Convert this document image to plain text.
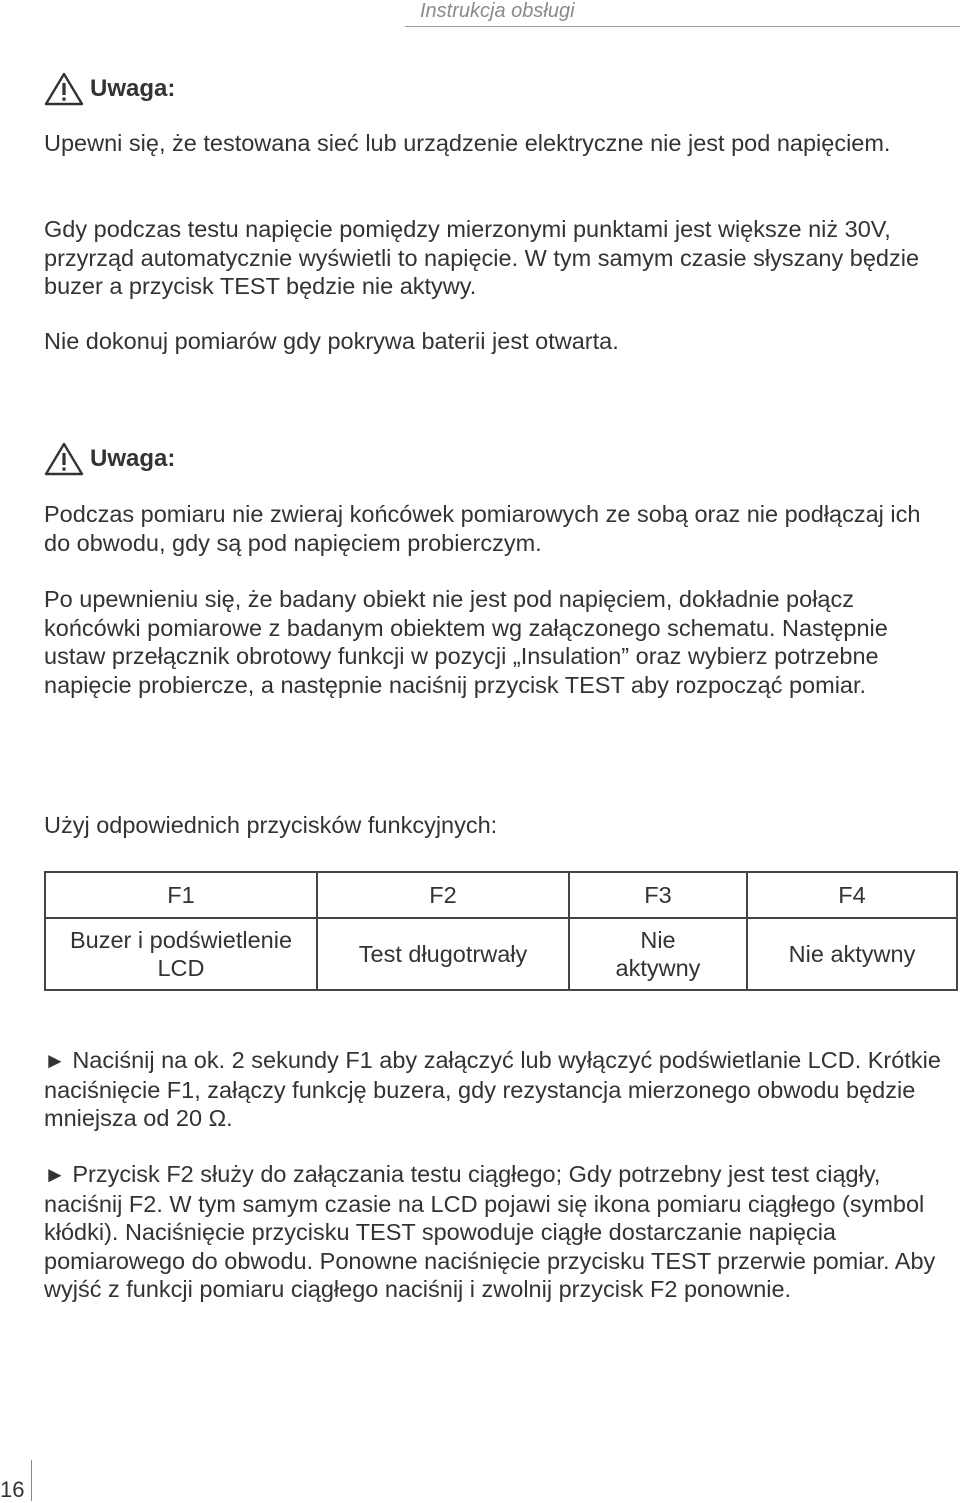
Instrukcja obsługi
Uwaga:

Upewni się, że testowana sieć lub urządzenie elektryczne nie jest pod napięciem.

Gdy podczas testu napięcie pomiędzy mierzonymi punktami jest większe niż 30V, przyrząd automatycznie wyświetli to napięcie. W tym samym czasie słyszany będzie buzer a przycisk TEST będzie nie aktywy.

Nie dokonuj pomiarów gdy pokrywa baterii jest otwarta.

Uwaga:

Podczas pomiaru nie zwieraj końcówek pomiarowych ze sobą oraz nie podłączaj ich do obwodu, gdy są pod napięciem probierczym.

Po upewnieniu się, że badany obiekt nie jest pod napięciem, dokładnie połącz końcówki pomiarowe z badanym obiektem wg załączonego schematu. Następnie ustaw przełącznik obrotowy funkcji w pozycji „Insulation” oraz wybierz potrzebne napięcie probiercze, a następnie naciśnij przycisk TEST aby rozpocząć pomiar.

Użyj odpowiednich przycisków funkcyjnych:

F1	F2	F3	F4

Buzer i podświetlenie LCD	Test długotrwały	Nie aktywny	Nie aktywny

► Naciśnij na ok. 2 sekundy F1 aby załączyć lub wyłączyć podświetlanie LCD. Krótkie naciśnięcie F1, załączy funkcję buzera, gdy rezystancja mierzonego obwodu będzie mniejsza od 20 Ω.

► Przycisk F2 służy do załączania testu ciągłego; Gdy potrzebny jest test ciągły, naciśnij F2. W tym samym czasie na LCD pojawi się ikona pomiaru ciągłego (symbol kłódki). Naciśnięcie przycisku TEST spowoduje ciągłe dostarczanie napięcia pomiarowego do obwodu. Ponowne naciśnięcie przycisku TEST przerwie pomiar. Aby wyjść z funkcji pomiaru ciągłego naciśnij i zwolnij przycisk F2 ponownie.

16
